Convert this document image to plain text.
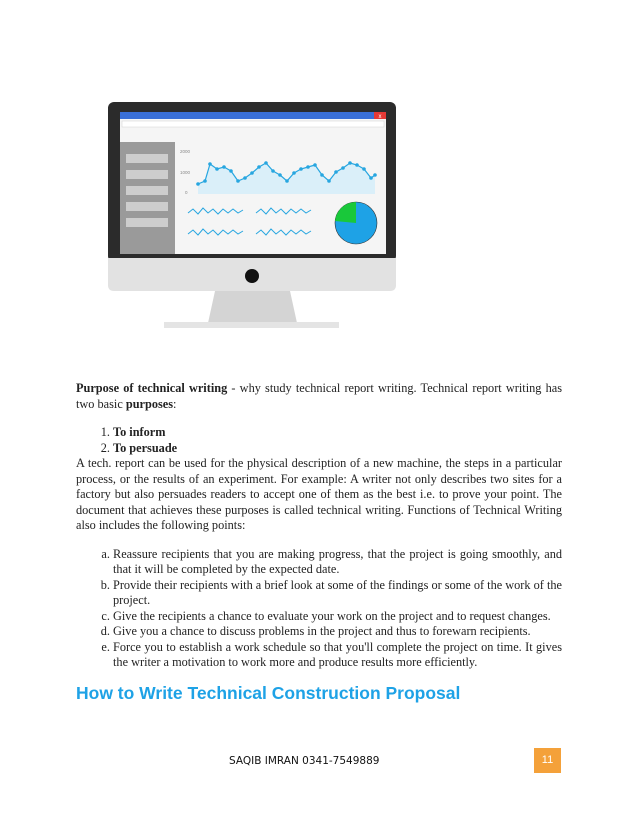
x
2000
1000
0

Purpose of technical writing - why study technical report writing. Technical report writing has two basic purposes:

1. To inform
2. To persuade

A tech. report can be used for the physical description of a new machine, the steps in a particular process, or the results of an experiment. For example: A writer not only describes two sites for a factory but also persuades readers to accept one of them as the best i.e. to prove your point. The document that achieves these purposes is called technical writing. Functions of Technical Writing also includes the following points:

a. Reassure recipients that you are making progress, that the project is going smoothly, and that it will be completed by the expected date.
b. Provide their recipients with a brief look at some of the findings or some of the work of the project.
c. Give the recipients a chance to evaluate your work on the project and to request changes.
d. Give you a chance to discuss problems in the project and thus to forewarn recipients.
e. Force you to establish a work schedule so that you'll complete the project on time. It gives the writer a motivation to work more and produce results more efficiently.
How to Write Technical Construction Proposal
SAQIB IMRAN 0341-7549889	11
